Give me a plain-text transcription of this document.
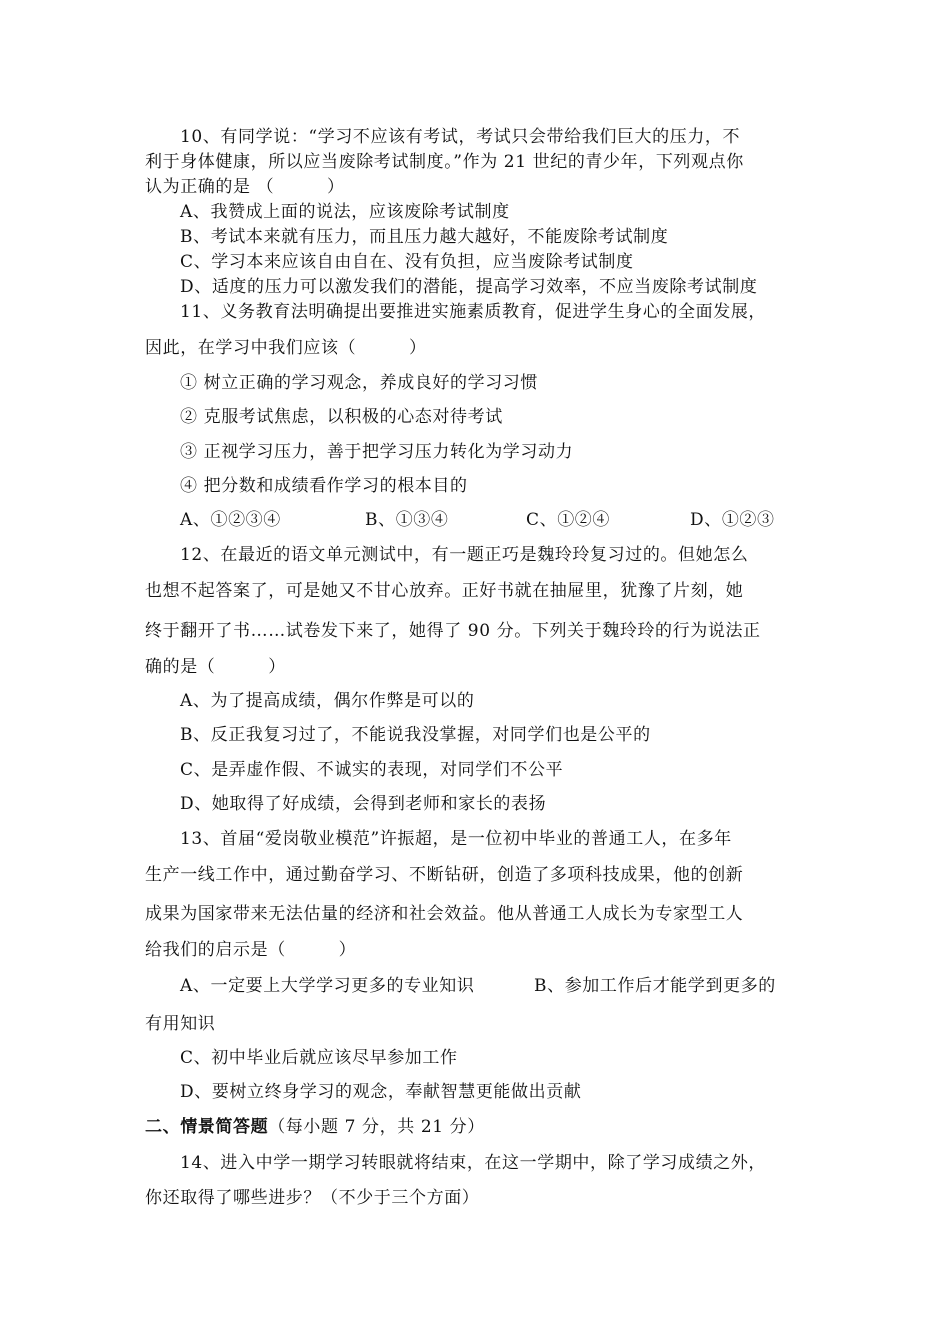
10、有同学说：“学习不应该有考试，考试只会带给我们巨大的压力，不

利于身体健康，所以应当废除考试制度。”作为 21 世纪的青少年，下列观点你

认为正确的是 （　　　）

A、我赞成上面的说法，应该废除考试制度

B、考试本来就有压力，而且压力越大越好，不能废除考试制度

C、学习本来应该自由自在、没有负担，应当废除考试制度

D、适度的压力可以激发我们的潜能，提高学习效率，不应当废除考试制度

11、义务教育法明确提出要推进实施素质教育，促进学生身心的全面发展，

因此，在学习中我们应该（　　　）

① 树立正确的学习观念，养成良好的学习习惯

② 克服考试焦虑，以积极的心态对待考试

③ 正视学习压力，善于把学习压力转化为学习动力

④ 把分数和成绩看作学习的根本目的

A、①②③④	B、①③④	C、①②④	D、①②③

12、在最近的语文单元测试中，有一题正巧是魏玲玲复习过的。但她怎么

也想不起答案了，可是她又不甘心放弃。正好书就在抽屉里，犹豫了片刻，她

终于翻开了书……试卷发下来了，她得了 90 分。下列关于魏玲玲的行为说法正

确的是（　　　）

A、为了提高成绩，偶尔作弊是可以的

B、反正我复习过了，不能说我没掌握，对同学们也是公平的

C、是弄虚作假、不诚实的表现，对同学们不公平

D、她取得了好成绩，会得到老师和家长的表扬

13、首届“爱岗敬业模范”许振超，是一位初中毕业的普通工人，在多年

生产一线工作中，通过勤奋学习、不断钻研，创造了多项科技成果，他的创新

成果为国家带来无法估量的经济和社会效益。他从普通工人成长为专家型工人

给我们的启示是（　　　）

A、一定要上大学学习更多的专业知识	B、参加工作后才能学到更多的

有用知识

C、初中毕业后就应该尽早参加工作

D、要树立终身学习的观念，奉献智慧更能做出贡献

二、情景简答题（每小题 7 分，共 21 分）

14、进入中学一期学习转眼就将结束，在这一学期中，除了学习成绩之外，

你还取得了哪些进步？（不少于三个方面）
